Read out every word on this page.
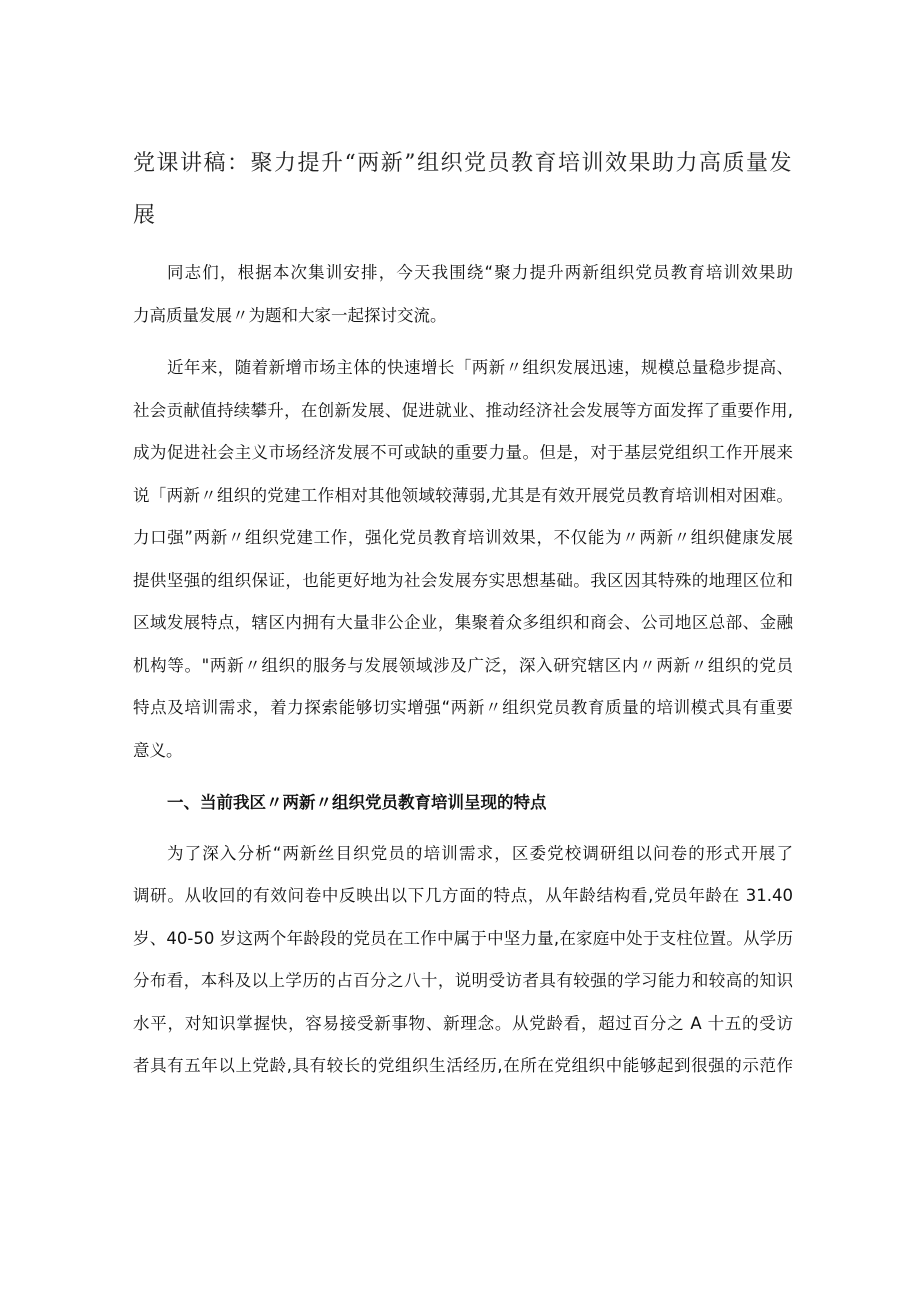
党课讲稿：聚力提升“两新”组织党员教育培训效果助力高质量发
展
同志们，根据本次集训安排，今天我围绕“聚力提升两新组织党员教育培训效果助
力高质量发展〃为题和大家一起探讨交流。
近年来，随着新增市场主体的快速增长「两新〃组织发展迅速，规模总量稳步提高、
社会贡献值持续攀升，在创新发展、促进就业、推动经济社会发展等方面发挥了重要作用,
成为促进社会主义市场经济发展不可或缺的重要力量。但是，对于基层党组织工作开展来
说「两新〃组织的党建工作相对其他领域较薄弱,尤其是有效开展党员教育培训相对困难。
力口强”两新〃组织党建工作，强化党员教育培训效果，不仅能为〃两新〃组织健康发展
提供坚强的组织保证，也能更好地为社会发展夯实思想基础。我区因其特殊的地理区位和
区域发展特点，辖区内拥有大量非公企业，集聚着众多组织和商会、公司地区总部、金融
机构等。"两新〃组织的服务与发展领域涉及广泛，深入研究辖区内〃两新〃组织的党员
特点及培训需求，着力探索能够切实增强“两新〃组织党员教育质量的培训模式具有重要
意义。
一、当前我区〃两新〃组织党员教育培训呈现的特点
为了深入分析“两新丝目织党员的培训需求，区委党校调研组以问卷的形式开展了
调研。从收回的有效问卷中反映出以下几方面的特点，从年龄结构看,党员年龄在 31.40
岁、40-50 岁这两个年龄段的党员在工作中属于中坚力量,在家庭中处于支柱位置。从学历
分布看，本科及以上学历的占百分之八十，说明受访者具有较强的学习能力和较高的知识
水平，对知识掌握快，容易接受新事物、新理念。从党龄看，超过百分之 A 十五的受访
者具有五年以上党龄,具有较长的党组织生活经历,在所在党组织中能够起到很强的示范作
